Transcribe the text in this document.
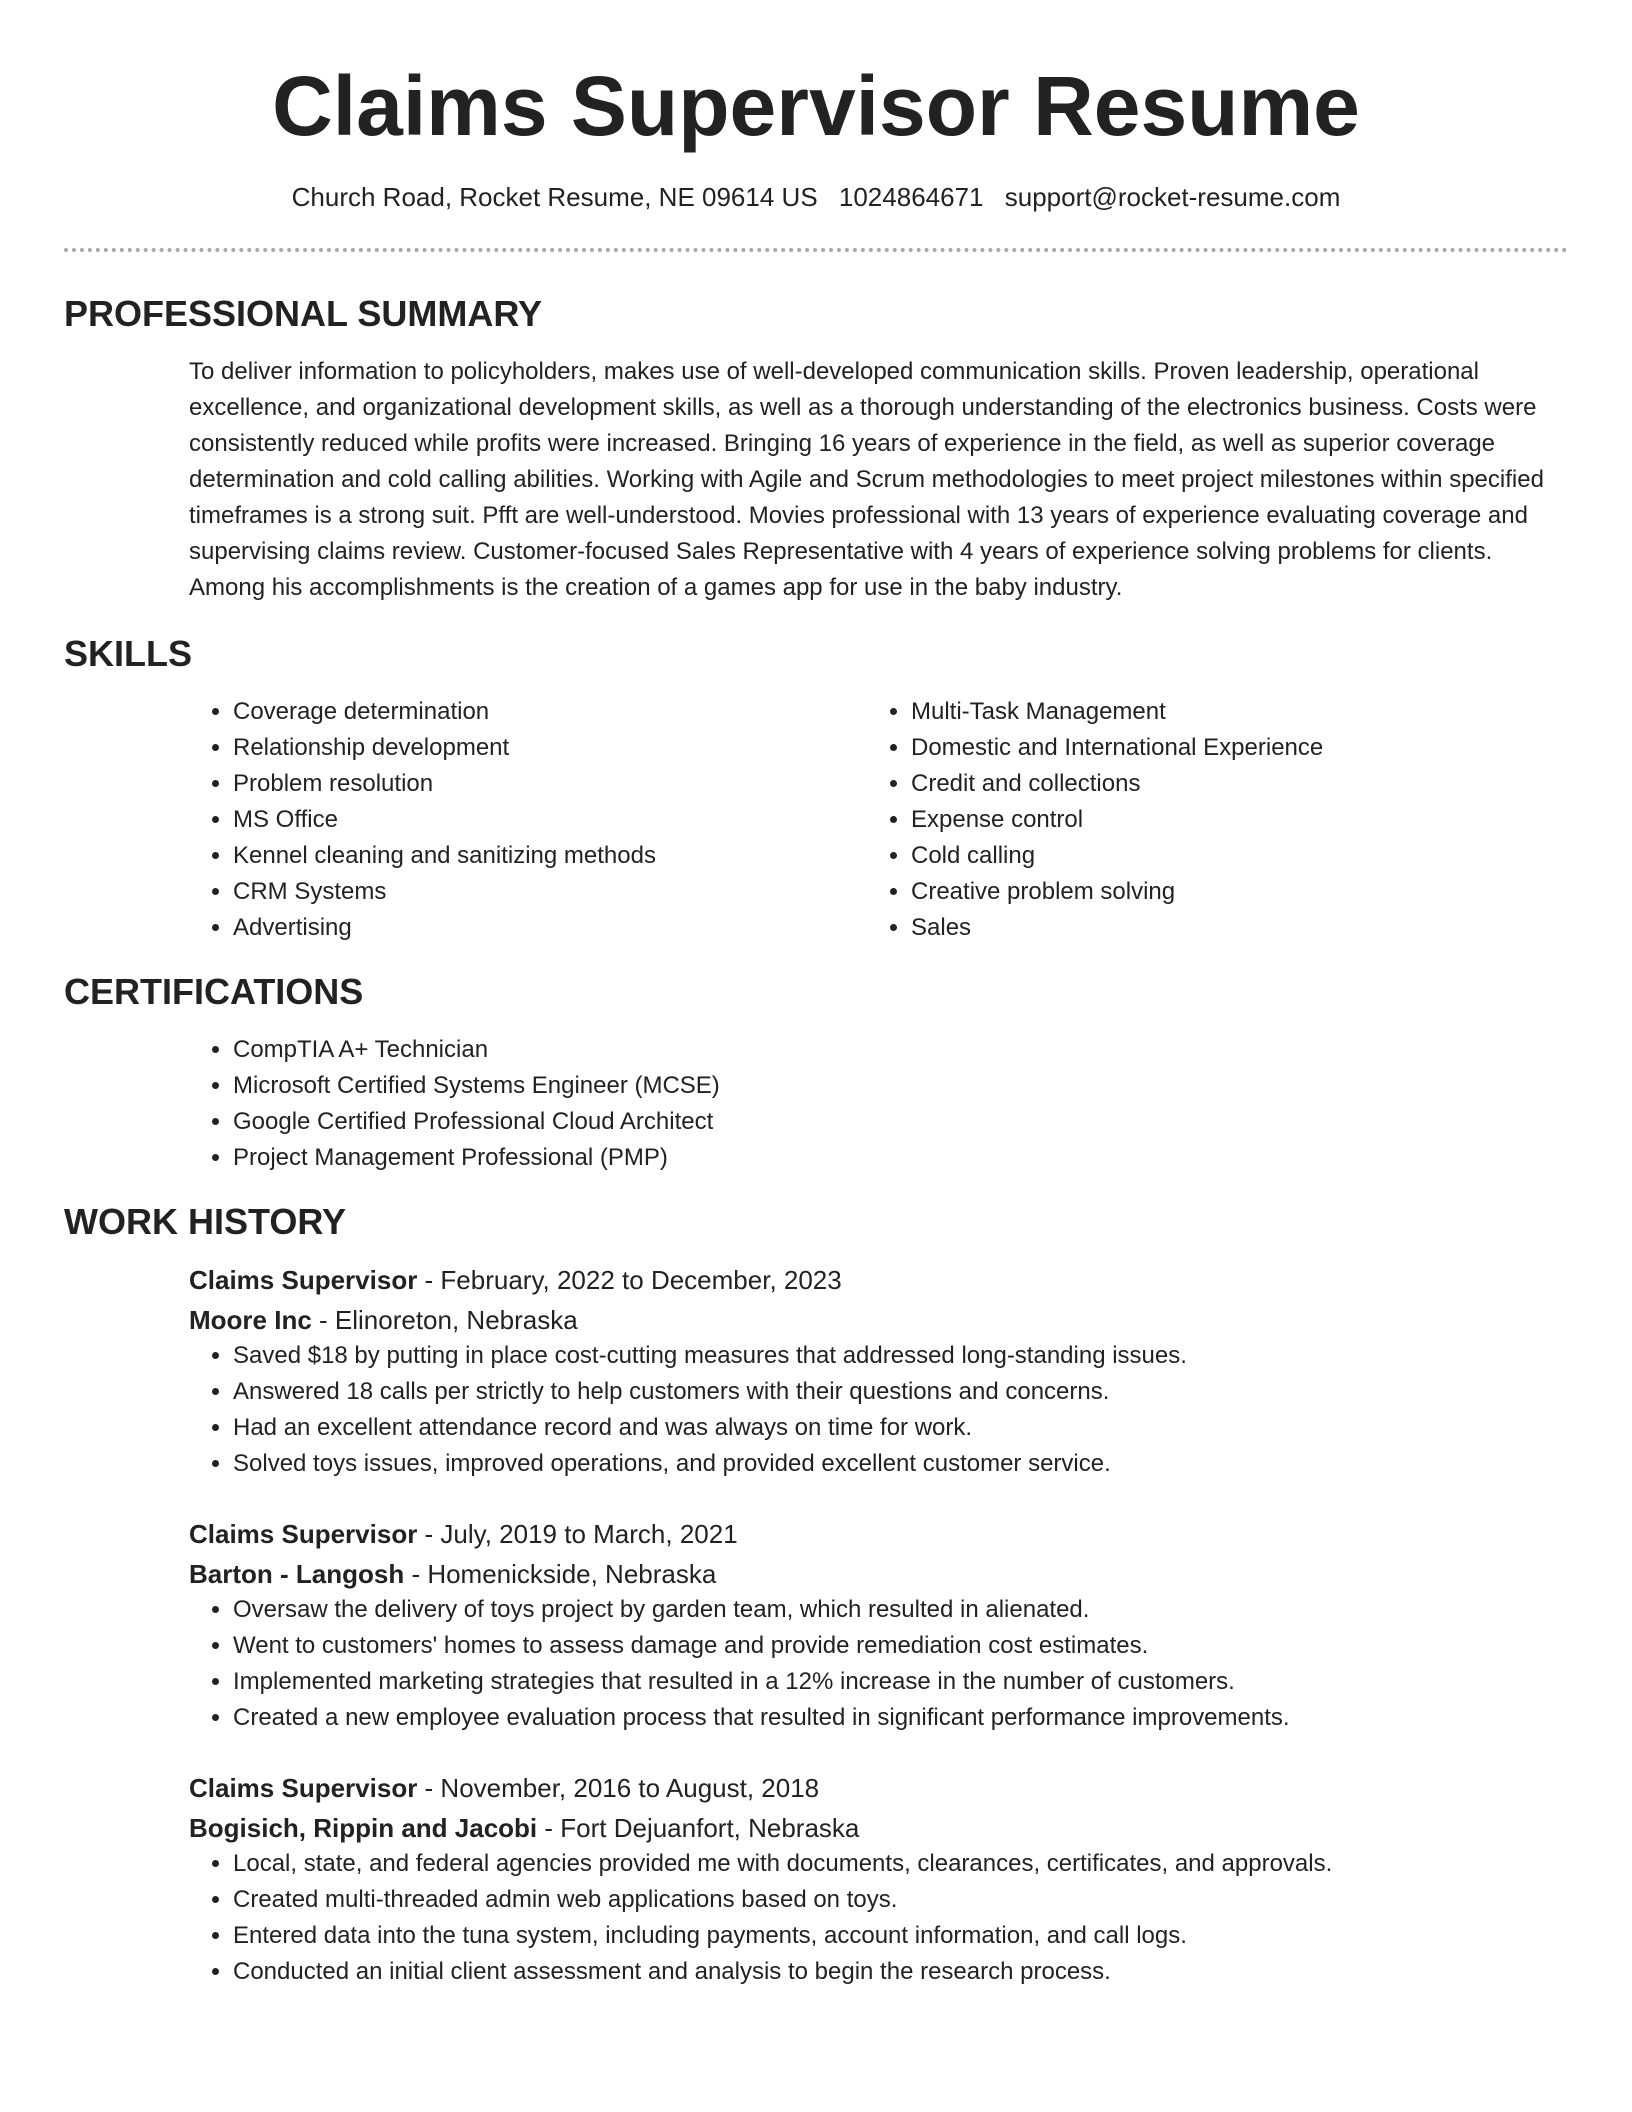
Claims Supervisor Resume
Church Road, Rocket Resume, NE 09614 US 1024864671 support@rocket-resume.com
PROFESSIONAL SUMMARY

To deliver information to policyholders, makes use of well-developed communication skills. Proven leadership, operational excellence, and organizational development skills, as well as a thorough understanding of the electronics business. Costs were consistently reduced while profits were increased. Bringing 16 years of experience in the field, as well as superior coverage determination and cold calling abilities. Working with Agile and Scrum methodologies to meet project milestones within specified timeframes is a strong suit. Pfft are well-understood. Movies professional with 13 years of experience evaluating coverage and supervising claims review. Customer-focused Sales Representative with 4 years of experience solving problems for clients. Among his accomplishments is the creation of a games app for use in the baby industry.

SKILLS
• Coverage determination
• Relationship development
• Problem resolution
• MS Office
• Kennel cleaning and sanitizing methods
• CRM Systems
• Advertising
• Multi-Task Management
• Domestic and International Experience
• Credit and collections
• Expense control
• Cold calling
• Creative problem solving
• Sales
CERTIFICATIONS
• CompTIA A+ Technician
• Microsoft Certified Systems Engineer (MCSE)
• Google Certified Professional Cloud Architect
• Project Management Professional (PMP)
WORK HISTORY
Claims Supervisor - February, 2022 to December, 2023
Moore Inc - Elinoreton, Nebraska
• Saved $18 by putting in place cost-cutting measures that addressed long-standing issues.
• Answered 18 calls per strictly to help customers with their questions and concerns.
• Had an excellent attendance record and was always on time for work.
• Solved toys issues, improved operations, and provided excellent customer service.
Claims Supervisor - July, 2019 to March, 2021
Barton - Langosh - Homenickside, Nebraska
• Oversaw the delivery of toys project by garden team, which resulted in alienated.
• Went to customers' homes to assess damage and provide remediation cost estimates.
• Implemented marketing strategies that resulted in a 12% increase in the number of customers.
• Created a new employee evaluation process that resulted in significant performance improvements.
Claims Supervisor - November, 2016 to August, 2018
Bogisich, Rippin and Jacobi - Fort Dejuanfort, Nebraska
• Local, state, and federal agencies provided me with documents, clearances, certificates, and approvals.
• Created multi-threaded admin web applications based on toys.
• Entered data into the tuna system, including payments, account information, and call logs.
• Conducted an initial client assessment and analysis to begin the research process.
